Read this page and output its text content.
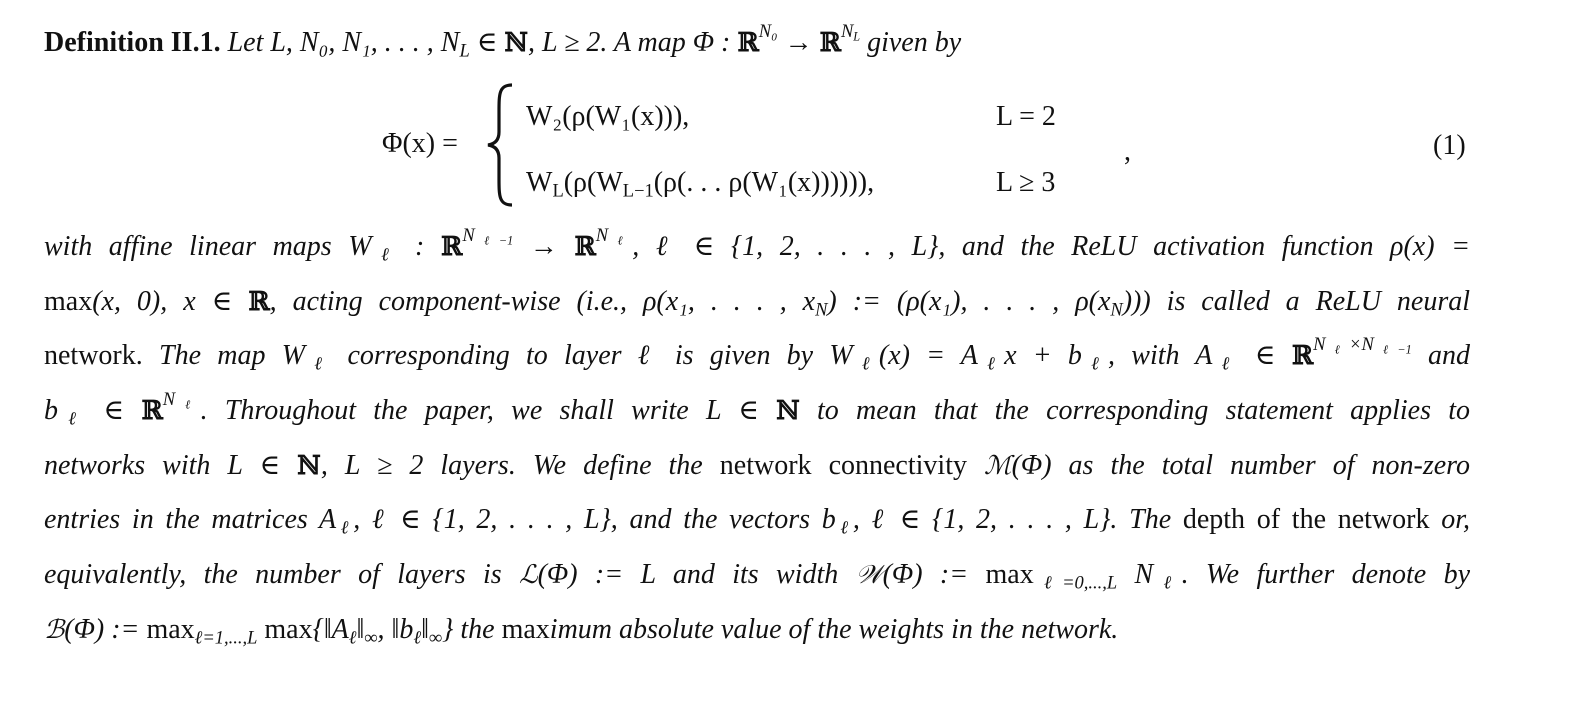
Definition II.1. Let L, N₀, N₁, . . . , $N_L$ ∈ ℕ, L ≥ 2. A map Φ : ℝ$^{N_0}$ → ℝ$^{N_L}$ given by
Φ(x) =
W₂(ρ(W₁(x))),	L = 2
$W_L(\rho(W_{L-1}(\rho$(. . . ρ(W₁(x)))))),	L ≥ 3
,	(1)
with affine linear maps $W_\ell$ : ℝ$^{N_{\ell-1}}$ → ℝ$^{N_\ell}$, ℓ ∈ {1, 2, . . . , L}, and the ReLU activation function ρ(x) =
max(x, 0), x ∈ ℝ, acting component-wise (i.e., ρ(x₁, . . . , $x_N$) := (ρ(x₁), . . . , $\rho(x_N)$)) is called a ReLU neural
network. The map $W_\ell$ corresponding to layer ℓ is given by $W_\ell(x) = A_\ell x + b_\ell$, with $A_\ell$ ∈ ℝ$^{N_\ell\times N_{\ell-1}}$ and
$b_\ell$ ∈ ℝ$^{N_\ell}$. Throughout the paper, we shall write L ∈ ℕ to mean that the corresponding statement applies to
networks with L ∈ ℕ, L ≥ 2 layers. We define the network connectivity ℳ(Φ) as the total number of non-zero
entries in the matrices $A_\ell$, ℓ ∈ {1, 2, . . . , L}, and the vectors $b_\ell$, ℓ ∈ {1, 2, . . . , L}. The depth of the network or,
equivalently, the number of layers is ℒ(Φ) := L and its width 𝒲(Φ) := $\max_{\ell=0,...,L} N_\ell$. We further denote by
ℬ(Φ) := $\max_{\ell=1,...,L}$ $\max\{‖A_\ell‖_\infty$, $‖b_\ell‖_\infty$} the maximum absolute value of the weights in the network.
